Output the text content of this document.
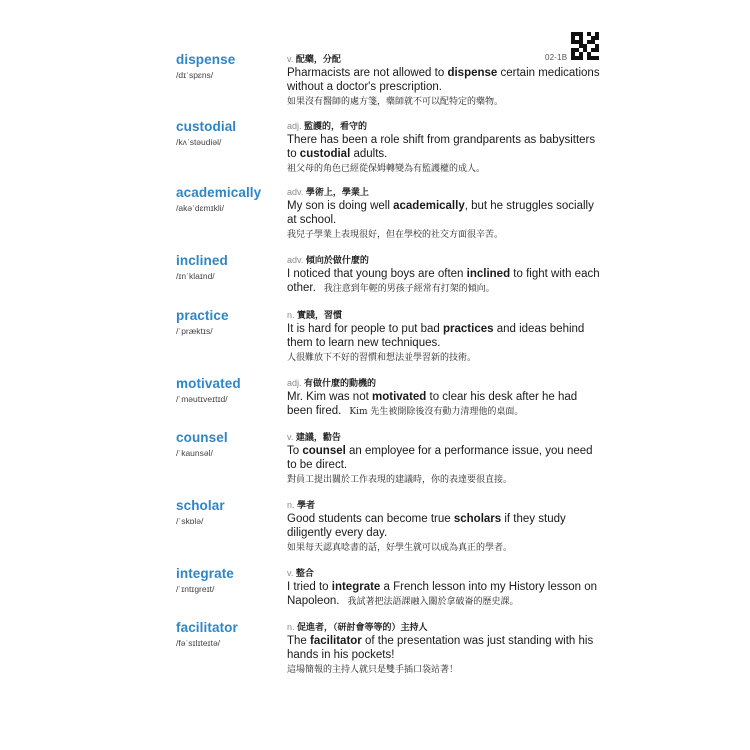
02-1B
dispense
/dɪˈspɛns/
v. 配藥，分配
Pharmacists are not allowed to dispense certain medications without a doctor's prescription.
如果沒有醫師的處方箋，藥師就不可以配特定的藥物。
custodial
/kʌˈstəudiəl/
adj. 監護的，看守的
There has been a role shift from grandparents as babysitters to custodial adults.
祖父母的角色已經從保姆轉變為有監護權的成人。
academically
/akəˈdɛmɪkli/
adv. 學術上，學業上
My son is doing well academically, but he struggles socially at school.
我兒子學業上表現很好，但在學校的社交方面很辛苦。
inclined
/ɪnˈklaɪnd/
adv. 傾向於做什麼的
I noticed that young boys are often inclined to fight with each other. 我注意到年輕的男孩子經常有打架的傾向。
practice
/ˈpræktɪs/
n. 實踐，習慣
It is hard for people to put bad practices and ideas behind them to learn new techniques.
人很難放下不好的習慣和想法並學習新的技術。
motivated
/ˈməutɪveɪtɪd/
adj. 有做什麼的動機的
Mr. Kim was not motivated to clear his desk after he had been fired. Kim 先生被開除後沒有動力清理他的桌面。
counsel
/ˈkaunsəl/
v. 建議，勸告
To counsel an employee for a performance issue, you need to be direct.
對員工提出關於工作表現的建議時，你的表達要很直接。
scholar
/ˈskɒlə/
n. 學者
Good students can become true scholars if they study diligently every day.
如果每天認真唸書的話，好學生就可以成為真正的學者。
integrate
/ˈɪntɪgreɪt/
v. 整合
I tried to integrate a French lesson into my History lesson on Napoleon. 我試著把法語課融入關於拿破崙的歷史課。
facilitator
/fəˈsɪlɪteɪtə/
n. 促進者，（研討會等等的）主持人
The facilitator of the presentation was just standing with his hands in his pockets!
這場簡報的主持人就只是雙手插口袋站著！
